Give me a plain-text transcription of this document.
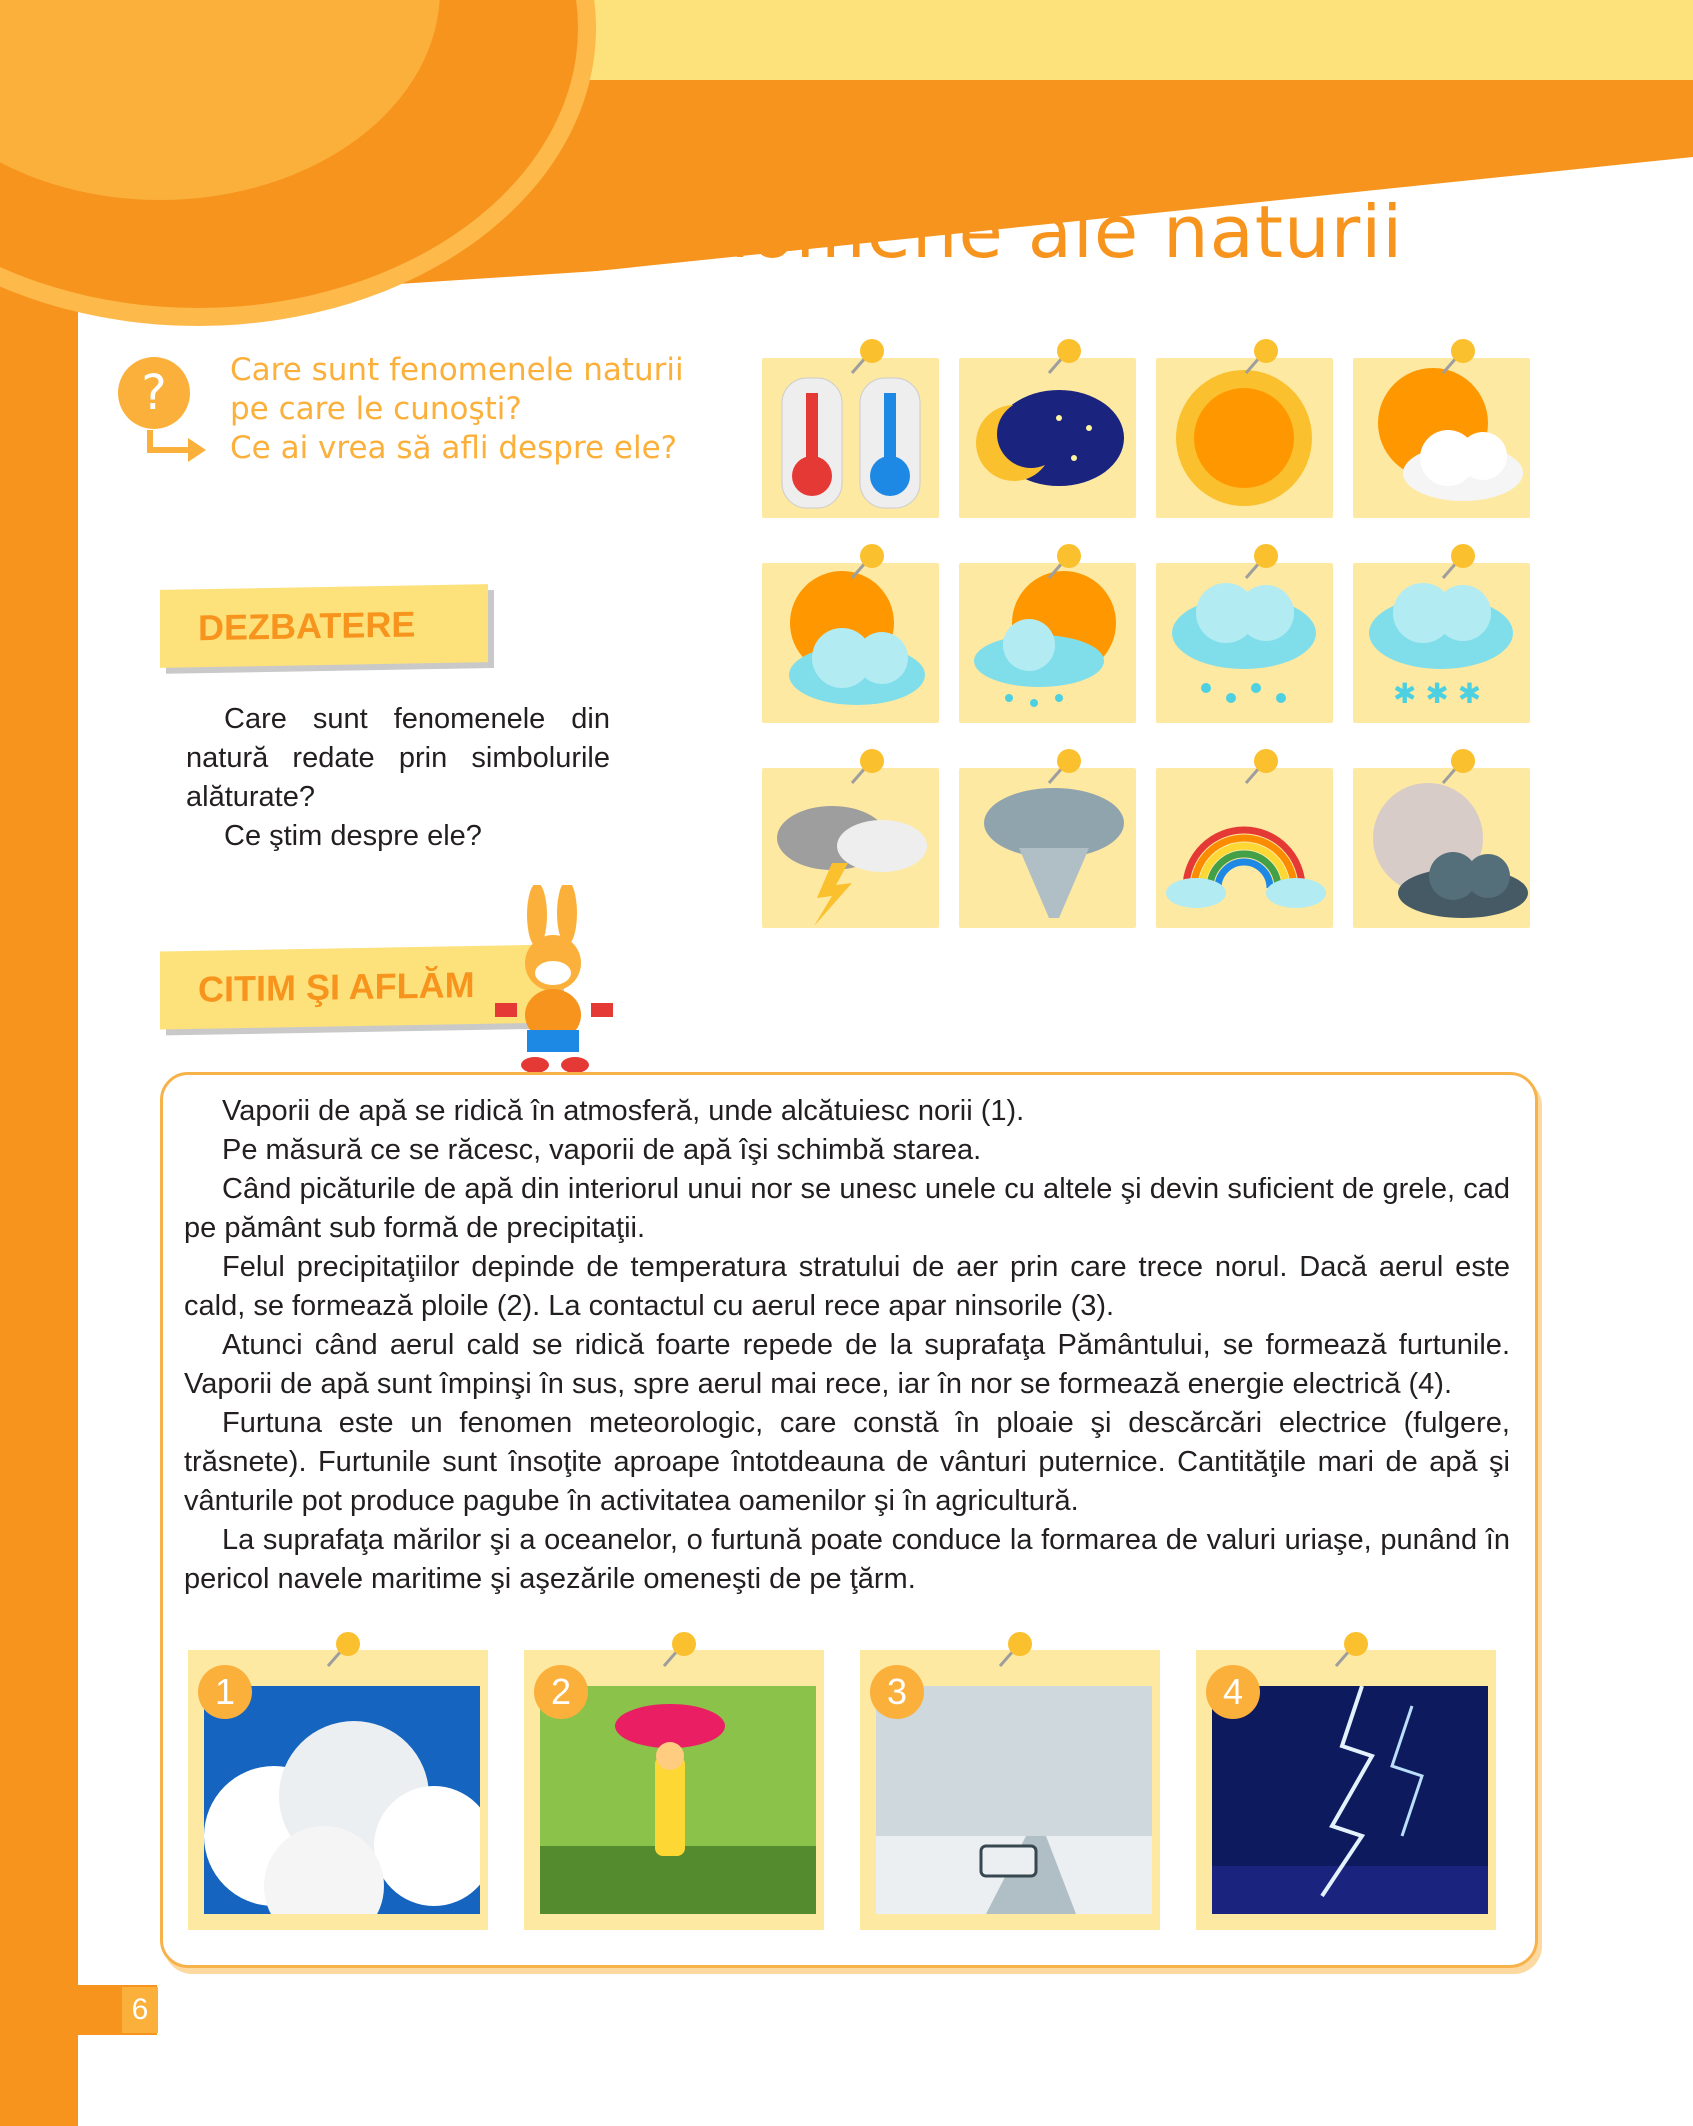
Fenomene ale naturii
?	Care sunt fenomenele naturii
pe care le cunoşti?
Ce ai vrea să afli despre ele?
DEZBATERE

Care sunt fenomenele din natură redate prin simbolurile alăturate?

Ce ştim despre ele?

✱ ✱ ✱
CITIM ŞI AFLĂM

Vaporii de apă se ridică în atmosferă, unde alcătuiesc norii (1).

Pe măsură ce se răcesc, vaporii de apă îşi schimbă starea.

Când picăturile de apă din interiorul unui nor se unesc unele cu altele şi devin suficient de grele, cad pe pământ sub formă de precipitaţii.

Felul precipitaţiilor depinde de temperatura stratului de aer prin care trece norul. Dacă aerul este cald, se formează ploile (2). La contactul cu aerul rece apar ninsorile (3).

Atunci când aerul cald se ridică foarte repede de la suprafaţa Pământului, se formează furtunile. Vaporii de apă sunt împinşi în sus, spre aerul mai rece, iar în nor se formează energie electrică (4).

Furtuna este un fenomen meteorologic, care constă în ploaie şi descărcări electrice (fulgere, trăsnete). Furtunile sunt însoţite aproape întotdeauna de vânturi puternice. Cantităţile mari de apă şi vânturile pot produce pagube în activitatea oamenilor şi în agricultură.

La suprafaţa mărilor şi a oceanelor, o furtună poate conduce la formarea de valuri uriaşe, punând în pericol navele maritime şi aşezările omeneşti de pe ţărm.

1	2	3	4
6
